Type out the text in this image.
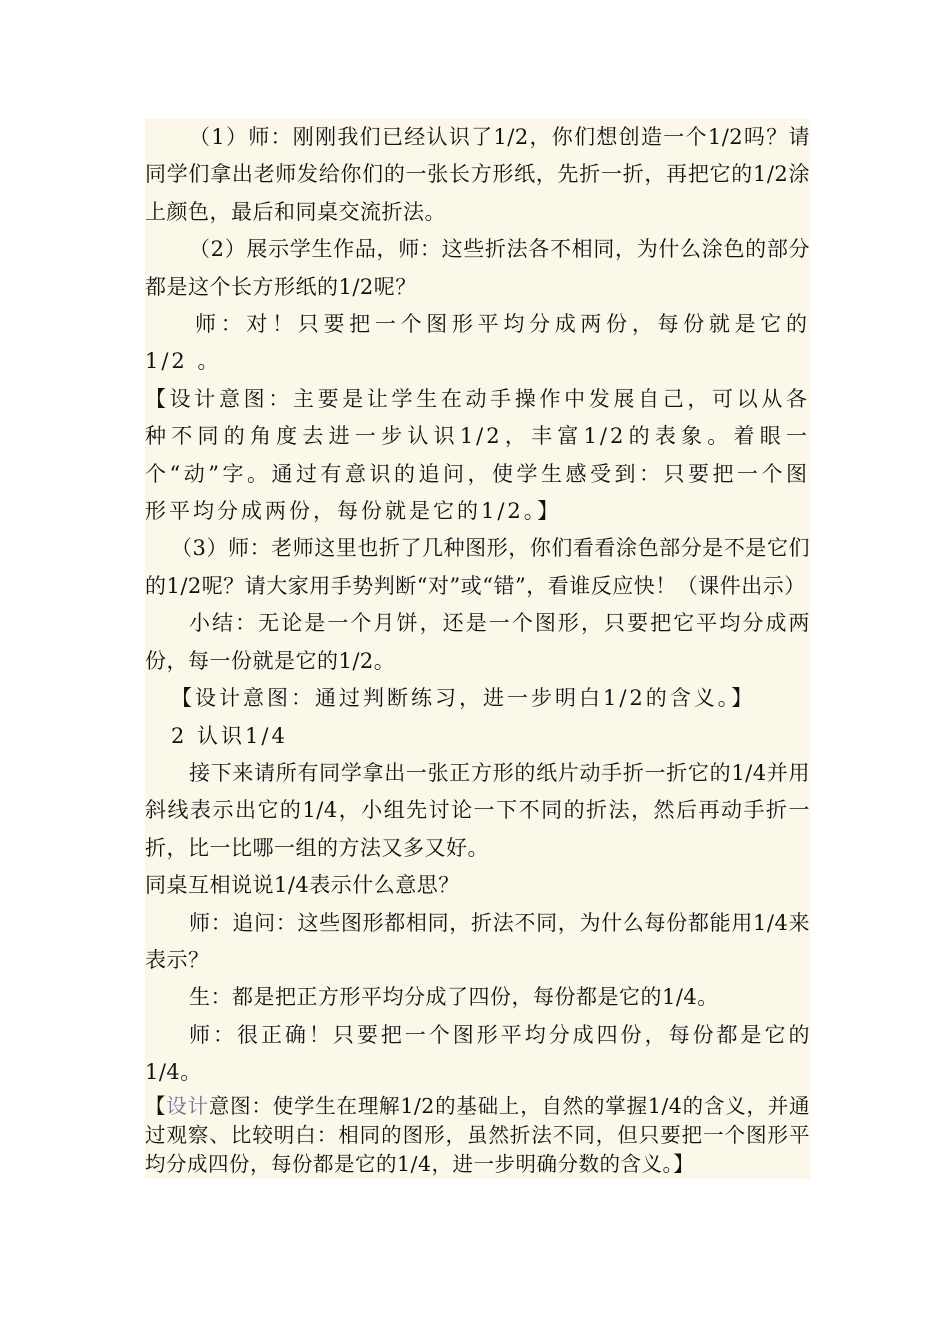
（1）师：刚刚我们已经认识了1/2，你们想创造一个1/2吗？请同学们拿出老师发给你们的一张长方形纸，先折一折，再把它的1/2涂上颜色，最后和同桌交流折法。

（2）展示学生作品，师：这些折法各不相同，为什么涂色的部分都是这个长方形纸的1/2呢？

师：对！只要把一个图形平均分成两份，每份就是它的1/2 。

【设计意图：主要是让学生在动手操作中发展自己，可以从各种不同的角度去进一步认识1/2，丰富1/2的表象。着眼一个“动”字。通过有意识的追问，使学生感受到：只要把一个图形平均分成两份，每份就是它的1/2。】

（3）师：老师这里也折了几种图形，你们看看涂色部分是不是它们的1/2呢？请大家用手势判断“对”或“错”，看谁反应快！（课件出示）

小结：无论是一个月饼，还是一个图形，只要把它平均分成两份，每一份就是它的1/2。

【设计意图：通过判断练习，进一步明白1/2的含义。】

2 认识1/4

接下来请所有同学拿出一张正方形的纸片动手折一折它的1/4并用斜线表示出它的1/4，小组先讨论一下不同的折法，然后再动手折一折，比一比哪一组的方法又多又好。

同桌互相说说1/4表示什么意思？

师：追问：这些图形都相同，折法不同，为什么每份都能用1/4来表示？

生：都是把正方形平均分成了四份，每份都是它的1/4。

师：很正确！只要把一个图形平均分成四份，每份都是它的 1/4。

【设计意图：使学生在理解1/2的基础上，自然的掌握1/4的含义，并通过观察、比较明白：相同的图形，虽然折法不同，但只要把一个图形平均分成四份，每份都是它的1/4，进一步明确分数的含义。】
